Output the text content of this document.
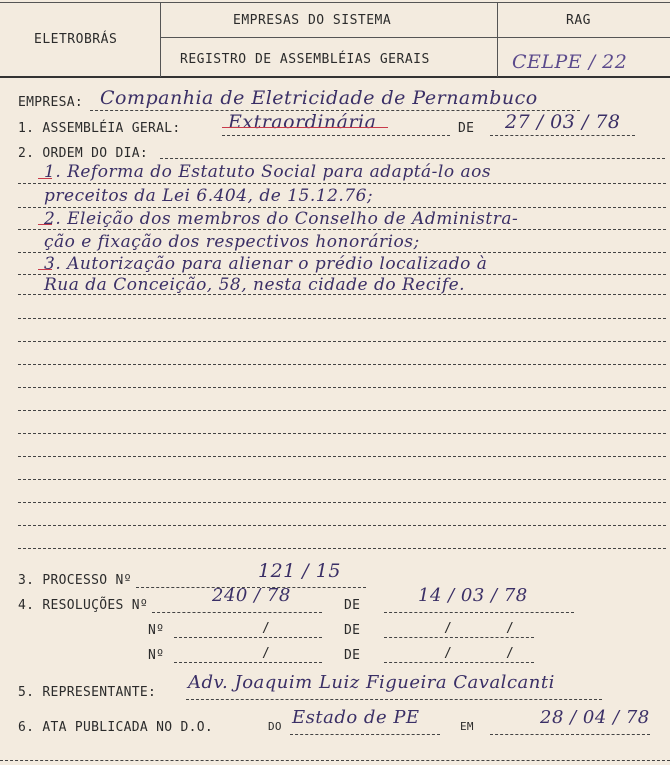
ELETROBRÁS
EMPRESAS DO SISTEMA
REGISTRO DE ASSEMBLÉIAS GERAIS
RAG
CELPE / 22
EMPRESA: Companhia de Eletricidade de Pernambuco
1. ASSEMBLÉIA GERAL: Extraordinária	DE 27 / 03 / 78
2. ORDEM DO DIA:
1. Reforma do Estatuto Social para adaptá-lo aos
preceitos da Lei 6.404, de 15.12.76;
2. Eleição dos membros do Conselho de Administra-
ção e fixação dos respectivos honorários;
3. Autorização para alienar o prédio localizado à
Rua da Conceição, 58, nesta cidade do Recife.
3. PROCESSO Nº	121 / 15
4. RESOLUÇÕES Nº	240 / 78	DE	14 / 03 / 78
Nº	/	DE	/	/
Nº	/	DE	/	/
5. REPRESENTANTE: Adv. Joaquim Luiz Figueira Cavalcanti
6. ATA PUBLICADA NO D.O.	DO Estado de PE	EM	28 / 04 / 78
